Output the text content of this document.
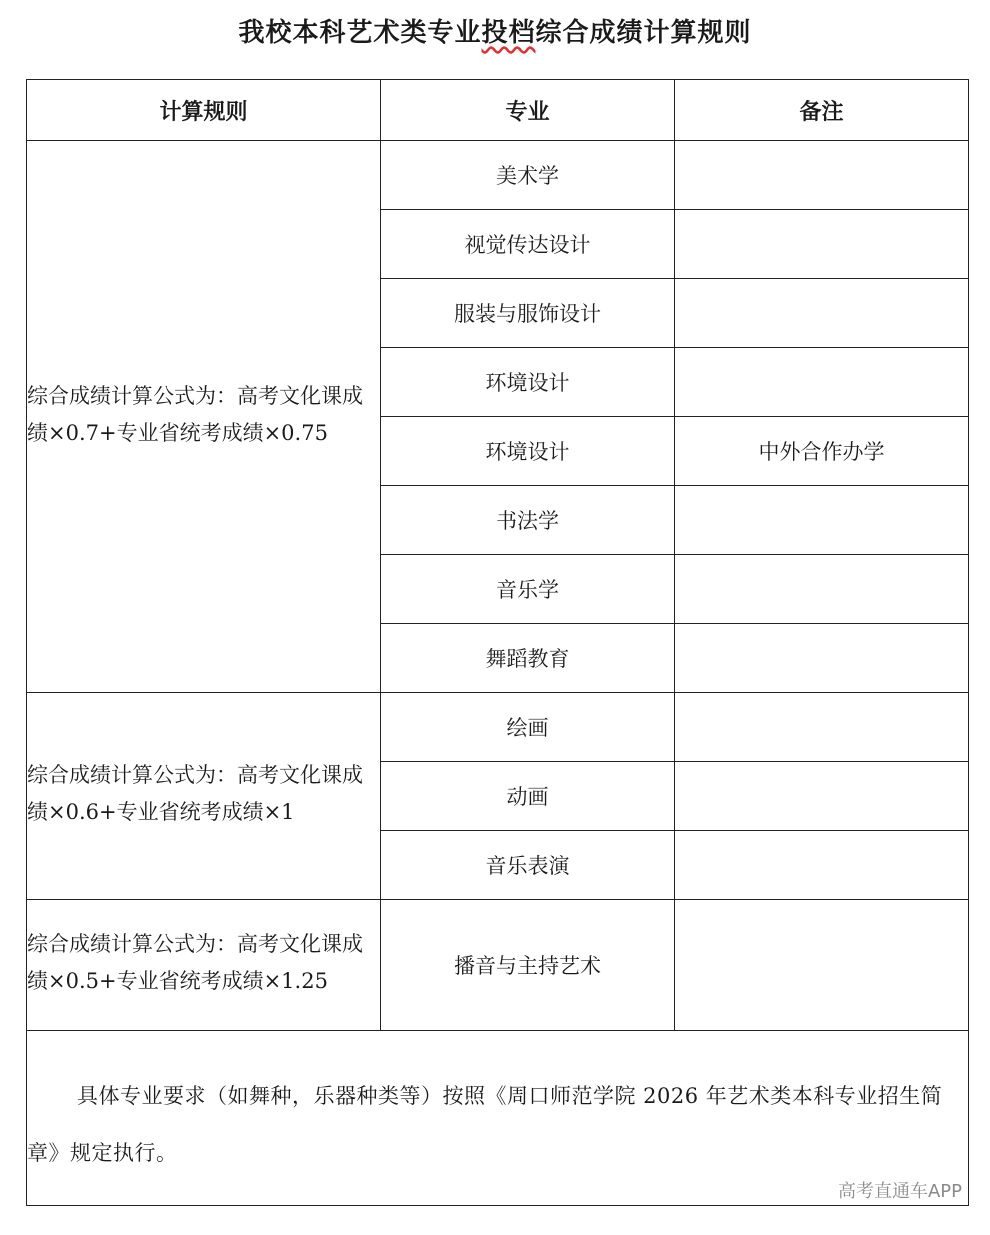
我校本科艺术类专业投档综合成绩计算规则
计算规则	专业	备注

综合成绩计算公式为：高考文化课成绩×0.7+专业省统考成绩×0.75	美术学	
	视觉传达设计	
	服装与服饰设计	
	环境设计	
	环境设计	中外合作办学
	书法学	
	音乐学	
	舞蹈教育	

综合成绩计算公式为：高考文化课成绩×0.6+专业省统考成绩×1	绘画	
	动画	
	音乐表演	

综合成绩计算公式为：高考文化课成绩×0.5+专业省统考成绩×1.25	播音与主持艺术	

具体专业要求（如舞种，乐器种类等）按照《周口师范学院 2026 年艺术类本科专业招生简章》规定执行。
高考直通车APP		
